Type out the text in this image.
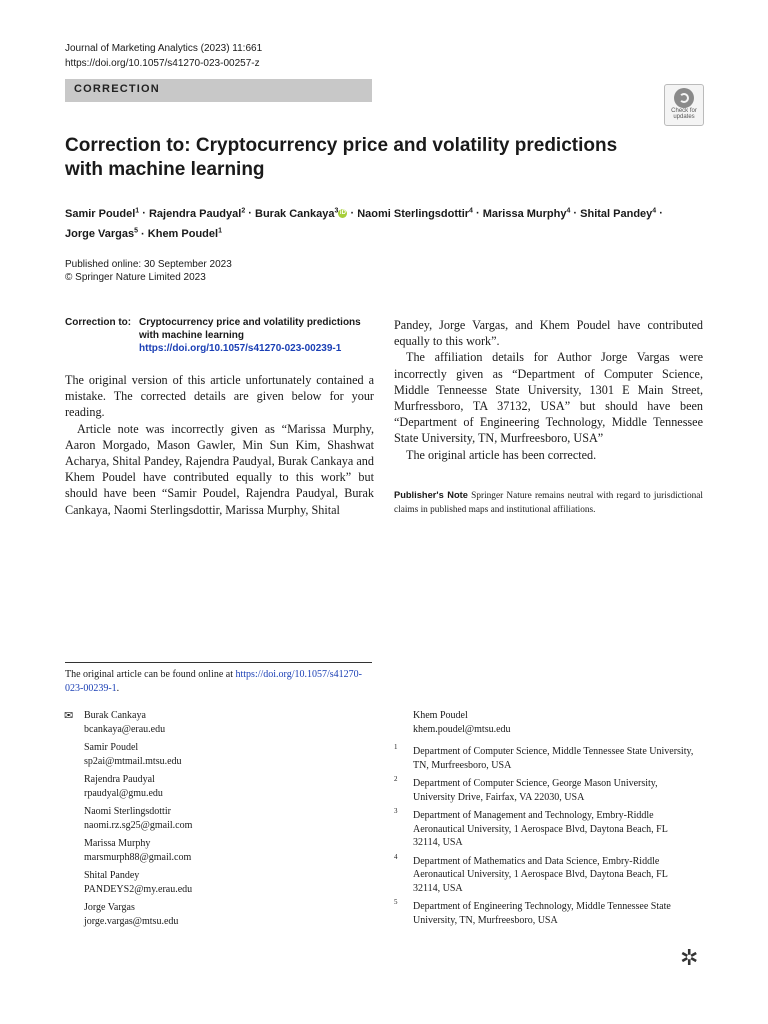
Journal of Marketing Analytics (2023) 11:661
https://doi.org/10.1057/s41270-023-00257-z
CORRECTION
Check for
updates
Correction to: Cryptocurrency price and volatility predictions with machine learning
Samir Poudel$^1$ · Rajendra Paudyal$^2$ · Burak Cankaya$^3$ iD · Naomi Sterlingsdottir$^4$ · Marissa Murphy$^4$ · Shital Pandey$^4$ ·
Jorge Vargas$^5$ · Khem Poudel$^1$
Published online: 30 September 2023
© Springer Nature Limited 2023
Correction to: Cryptocurrency price and volatility predictions with machine learning
https://doi.org/10.1057/s41270-023-00239-1

The original version of this article unfortunately contained a mistake. The corrected details are given below for your reading.

Article note was incorrectly given as “Marissa Murphy, Aaron Morgado, Mason Gawler, Min Sun Kim, Shashwat Acharya, Shital Pandey, Rajendra Paudyal, Burak Cankaya and Khem Poudel have contributed equally to this work” but should have been “Samir Poudel, Rajendra Paudyal, Burak Cankaya, Naomi Sterlingsdottir, Marissa Murphy, Shital

Pandey, Jorge Vargas, and Khem Poudel have contributed equally to this work”.

The affiliation details for Author Jorge Vargas were incorrectly given as “Department of Computer Science, Middle Tenneesse State University, 1301 E Main Street, Murfressboro, TA 37132, USA” but should have been “Department of Engineering Technology, Middle Tennessee State University, TN, Murfreesboro, USA”

The original article has been corrected.

Publisher's Note Springer Nature remains neutral with regard to jurisdictional claims in published maps and institutional affiliations.
The original article can be found online at https://doi.org/10.1057/s41270-023-00239-1.
✉ Burak Cankaya
bcankaya@erau.edu
Samir Poudel
sp2ai@mtmail.mtsu.edu
Rajendra Paudyal
rpaudyal@gmu.edu
Naomi Sterlingsdottir
naomi.rz.sg25@gmail.com
Marissa Murphy
marsmurph88@gmail.com
Shital Pandey
PANDEYS2@my.erau.edu
Jorge Vargas
jorge.vargas@mtsu.edu
Khem Poudel
khem.poudel@mtsu.edu
1 Department of Computer Science, Middle Tennessee State University, TN, Murfreesboro, USA
2 Department of Computer Science, George Mason University, University Drive, Fairfax, VA 22030, USA
3 Department of Management and Technology, Embry-Riddle Aeronautical University, 1 Aerospace Blvd, Daytona Beach, FL 32114, USA
4 Department of Mathematics and Data Science, Embry-Riddle Aeronautical University, 1 Aerospace Blvd, Daytona Beach, FL 32114, USA
5 Department of Engineering Technology, Middle Tennessee State University, TN, Murfreesboro, USA
✲
